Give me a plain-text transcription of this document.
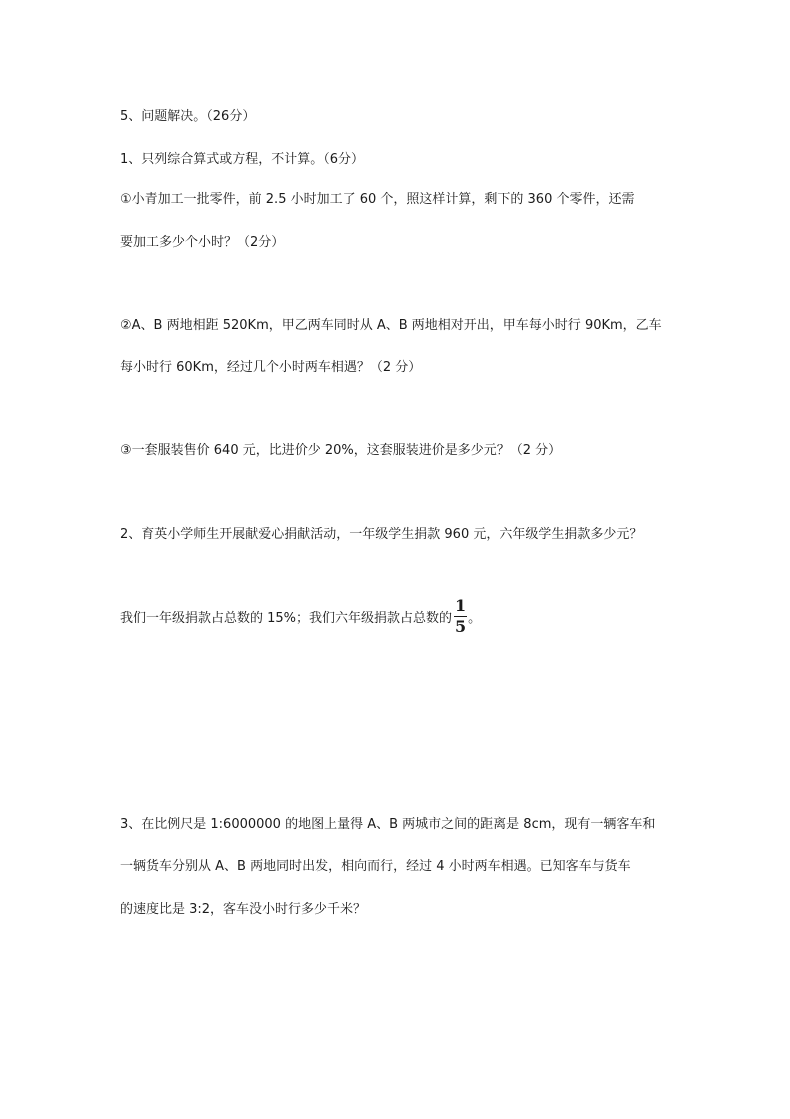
5、问题解决。（26分）
1、只列综合算式或方程，不计算。（6分）
①小青加工一批零件，前 2.5 小时加工了 60 个，照这样计算，剩下的 360 个零件，还需
要加工多少个小时？（2分）
②A、B 两地相距 520Km，甲乙两车同时从 A、B 两地相对开出，甲车每小时行 90Km，乙车
每小时行 60Km，经过几个小时两车相遇？（2 分）
③一套服装售价 640 元，比进价少 20%，这套服装进价是多少元？（2 分）
2、育英小学师生开展献爱心捐献活动，一年级学生捐款 960 元，六年级学生捐款多少元？
我们一年级捐款占总数的 15%；我们六年级捐款占总数的 $\frac{1}{5}$ 。
3、在比例尺是 1:6000000 的地图上量得 A、B 两城市之间的距离是 8cm，现有一辆客车和
一辆货车分别从 A、B 两地同时出发，相向而行，经过 4 小时两车相遇。已知客车与货车
的速度比是 3:2，客车没小时行多少千米？
